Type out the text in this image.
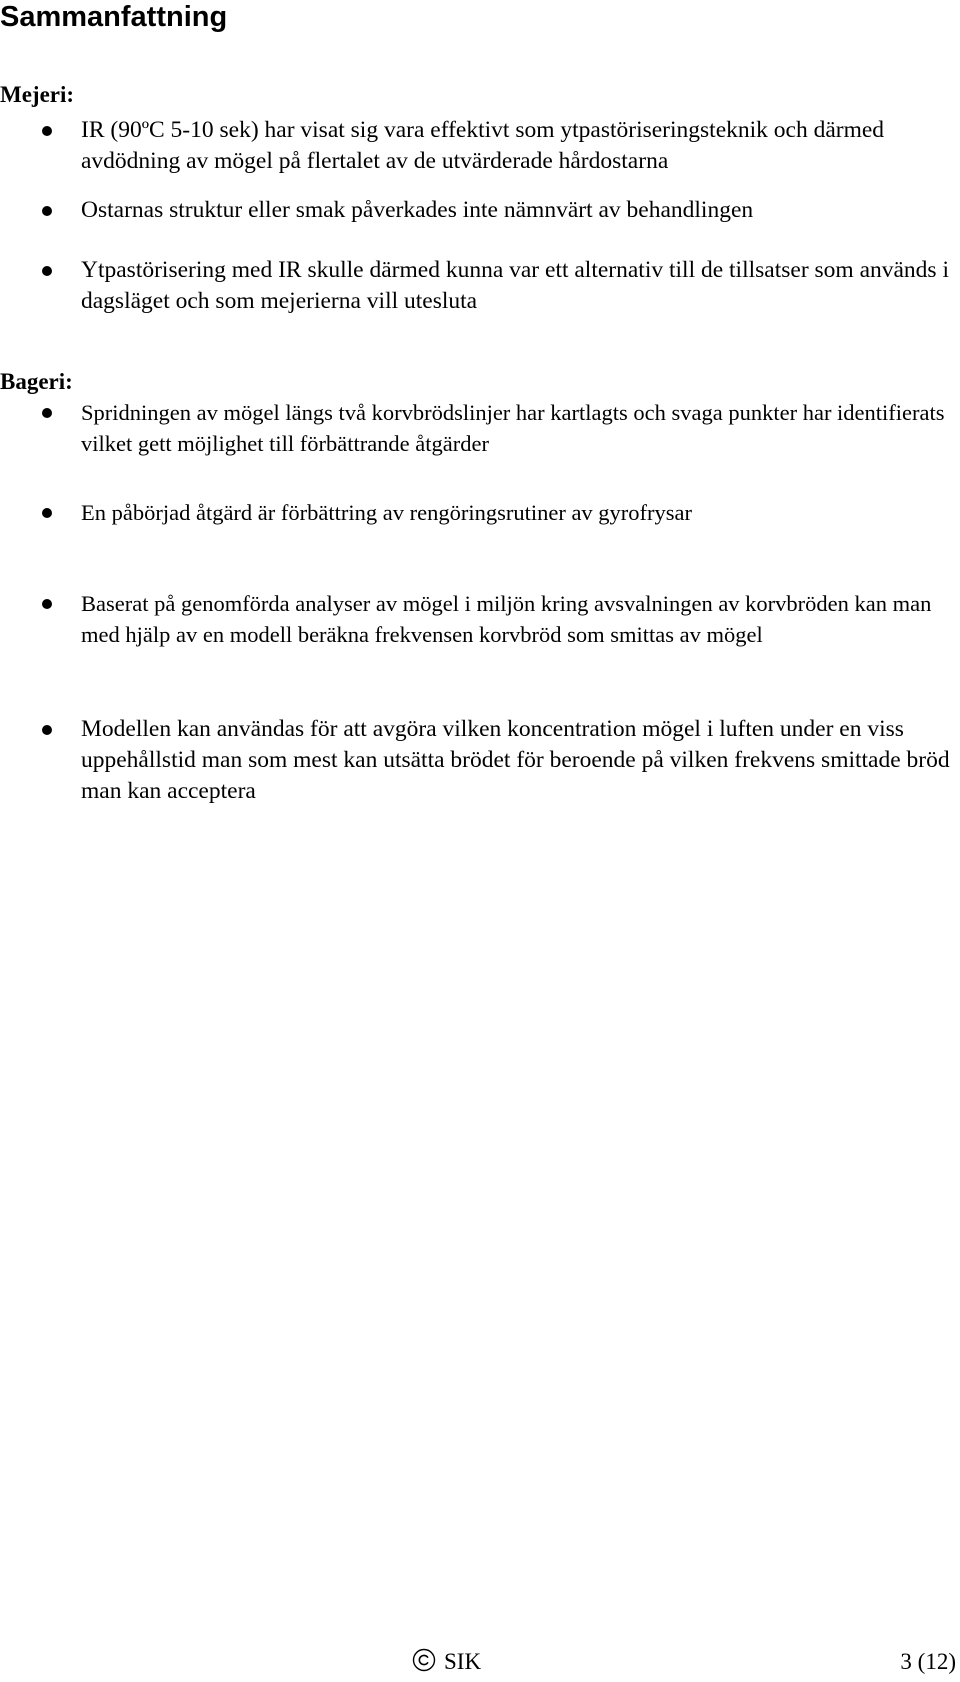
Sammanfattning
Mejeri:

IR (90ºC 5-10 sek) har visat sig vara effektivt som ytpastöriseringsteknik och därmed avdödning av mögel på flertalet av de utvärderade hårdostarna

Ostarnas struktur eller smak påverkades inte nämnvärt av behandlingen

Ytpastörisering med IR skulle därmed kunna var ett alternativ till de tillsatser som används i dagsläget och som mejerierna vill utesluta

Bageri:

Spridningen av mögel längs två korvbrödslinjer har kartlagts och svaga punkter har identifierats vilket gett möjlighet till förbättrande åtgärder

En påbörjad åtgärd är förbättring av rengöringsrutiner av gyrofrysar

Baserat på genomförda analyser av mögel i miljön kring avsvalningen av korvbröden kan man med hjälp av en modell beräkna frekvensen korvbröd som smittas av mögel

Modellen kan användas för att avgöra vilken koncentration mögel i luften under en viss uppehållstid man som mest kan utsätta brödet för beroende på vilken frekvens smittade bröd man kan acceptera

SIK	3 (12)
